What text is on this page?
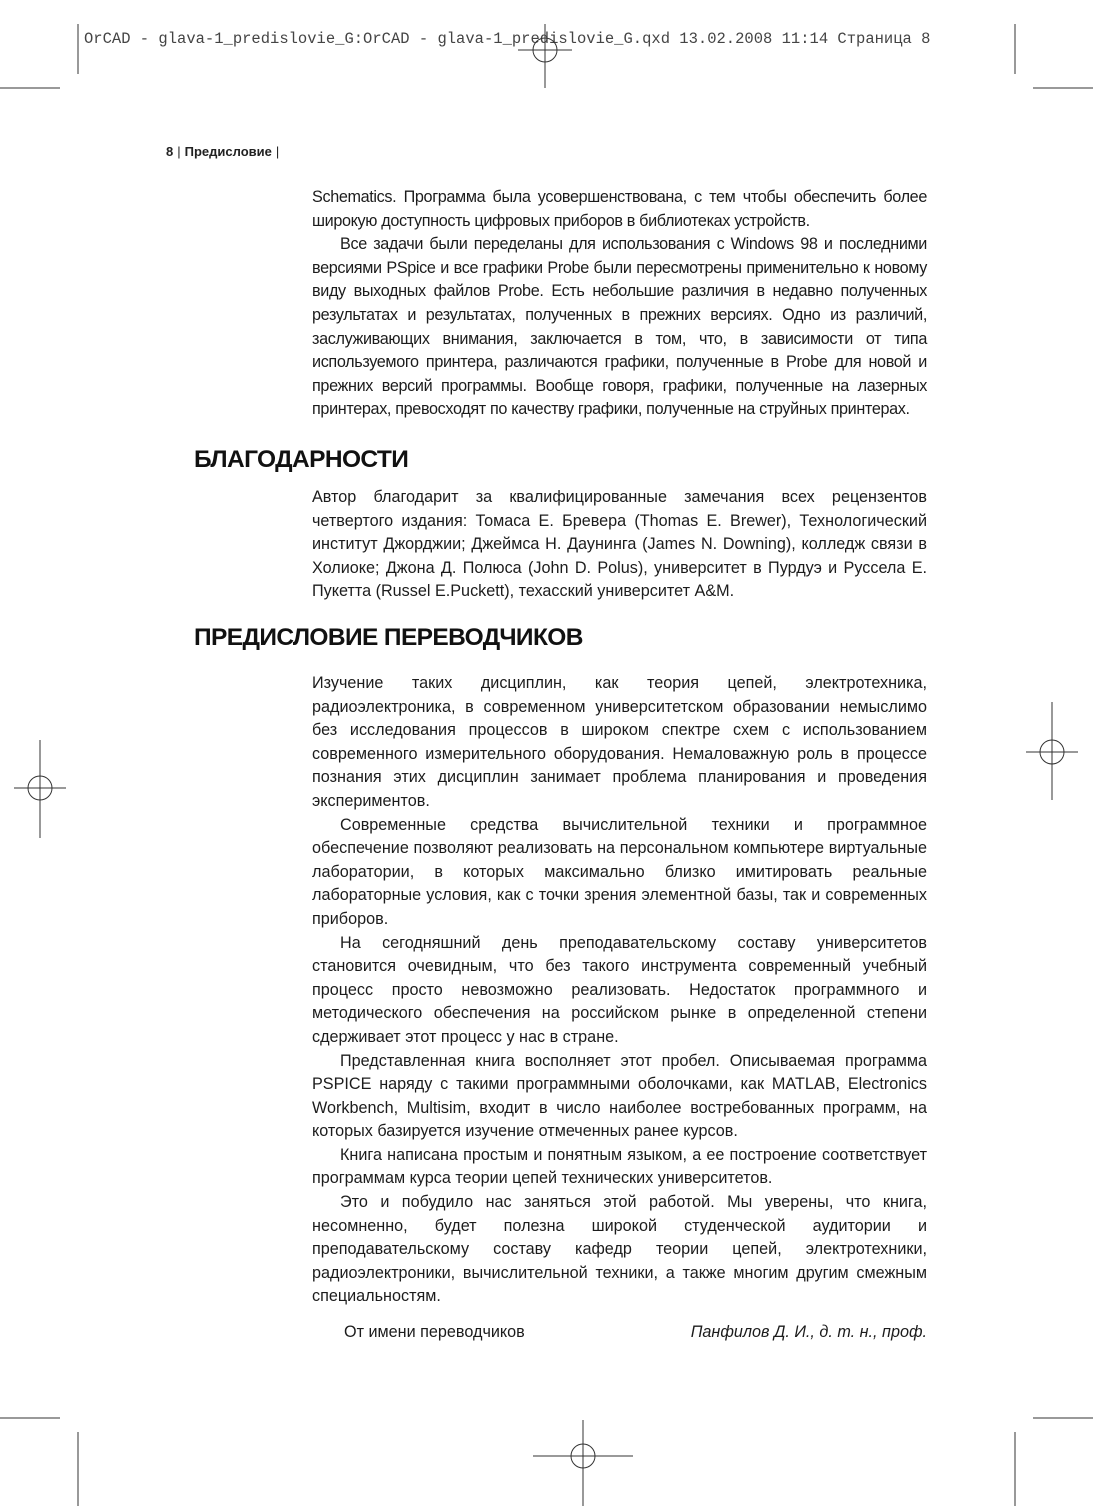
OrCAD - glava-1_predislovie_G:OrCAD - glava-1_predislovie_G.qxd 13.02.2008 11:14 Страница 8
8 | Предисловие |

Schematics. Программа была усовершенствована, с тем чтобы обеспечить более широкую доступность цифровых приборов в библиотеках устройств.

Все задачи были переделаны для использования с Windows 98 и последними версиями PSpice и все графики Probe были пересмотрены применительно к новому виду выходных файлов Probe. Есть небольшие различия в недавно полученных результатах и результатах, полученных в прежних версиях. Одно из различий, заслуживающих внимания, заключается в том, что, в зависимости от типа используемого принтера, различаются графики, полученные в Probe для новой и прежних версий программы. Вообще говоря, графики, полученные на лазерных принтерах, превосходят по качеству графики, полученные на струйных принтерах.

БЛАГОДАРНОСТИ

Автор благодарит за квалифицированные замечания всех рецензентов четвертого издания: Томаса Е. Бревера (Thomas E. Brewer), Технологический институт Джорджии; Джеймса Н. Даунинга (James N. Downing), колледж связи в Холиоке; Джона Д. Полюса (John D. Polus), университет в Пурдуэ и Руссела Е. Пукетта (Russel E.Puckett), техасский университет A&M.

ПРЕДИСЛОВИЕ ПЕРЕВОДЧИКОВ

Изучение таких дисциплин, как теория цепей, электротехника, радиоэлектроника, в современном университетском образовании немыслимо без исследования процессов в широком спектре схем с использованием современного измерительного оборудования. Немаловажную роль в процессе познания этих дисциплин занимает проблема планирования и проведения экспериментов.

Современные средства вычислительной техники и программное обеспечение позволяют реализовать на персональном компьютере виртуальные лаборатории, в которых максимально близко имитировать реальные лабораторные условия, как с точки зрения элементной базы, так и современных приборов.

На сегодняшний день преподавательскому составу университетов становится очевидным, что без такого инструмента современный учебный процесс просто невозможно реализовать. Недостаток программного и методического обеспечения на российском рынке в определенной степени сдерживает этот процесс у нас в стране.

Представленная книга восполняет этот пробел. Описываемая программа PSPICE наряду с такими программными оболочками, как MATLAB, Electronics Workbench, Multisim, входит в число наиболее востребованных программ, на которых базируется изучение отмеченных ранее курсов.

Книга написана простым и понятным языком, а ее построение соответствует программам курса теории цепей технических университетов.

Это и побудило нас заняться этой работой. Мы уверены, что книга, несомненно, будет полезна широкой студенческой аудитории и преподавательскому составу кафедр теории цепей, электротехники, радиоэлектроники, вычислительной техники, а также многим другим смежным специальностям.

От имени переводчиков	Панфилов Д. И., д. т. н., проф.
